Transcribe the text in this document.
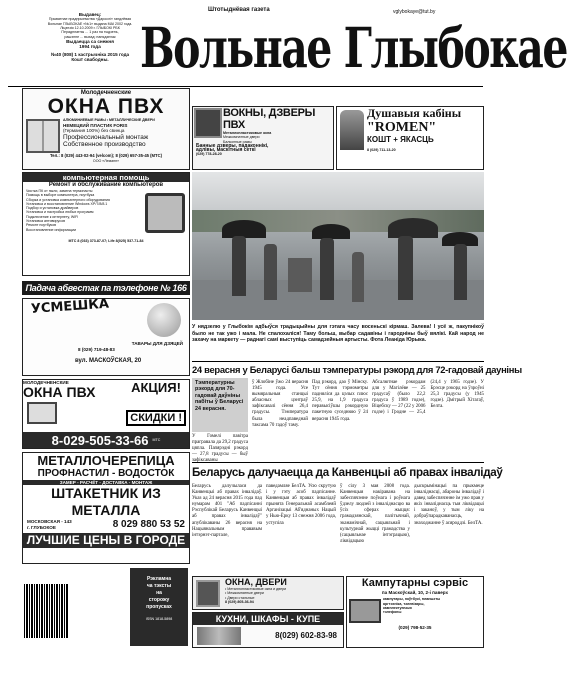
Выдавец:
Прыватнае прадпрыемства «Дарослі» гандлёвая
Вольнае ГЛЫБОКАЕ «№1» выдана МАІ 2002 года.
Ліцэнзія 12.10.2009 г. ГЛЫБОКІ РБК
Перадплатны ... 1 раз на тыдзень,
рашэнне ... выхад: панядзелак
Выдаецца са снежня
1994 года
№40 (808) 1 кастрычніка 2015 года
Кошт свабодны.
Штотыднёвая газета	vglybokaye@tut.by
Вольнае Глыбокае
Молодечненские
ОКНА ПВХ
АЛЮМИНИЕВЫЕ РАМЫ • МЕТАЛЛИЧЕСКИЕ ДВЕРИ
НЕМЕЦКИЙ ПЛАСТИК FORIS
(Германия 100%) без свинца
Профессиональный монтаж
Собственное производство
Тел.: 8 (029) 443-02-94 (velcom); 8 (029) 657-35-45 (МТС)
ООО «Леманн»
ВОКНЫ, ДЗВЕРЫ ПВХ
Металлопластиковые окна
Межкомнатные двери
Балконные рамы
Банные дзверы, падаконнікі,
адлівы, маскітныя сеткі
(029) 778-28-20
Душавыя кабіны
"ROMEN"
КОШТ + ЯКАСЦЬ
8 (029) 711-13-20
компьютерная помощь
Ремонт и обслуживание компьютеров
Чистка ПК от пыли, замена термопасты
Помощь в выборе компьютера, ноутбука
Сборка и установка компьютерного оборудования
Установка и восстановление Windows XP/7/8/8.1
Подбор и установка драйверов
Установка и настройка любых программ
Подключение к интернету, WiFi
Установка антивирусов
Ремонт ноутбуков
Восстановление информации
МТС 8 (033) 373-87-07; Life 8(025) 537-71-84
Падача абвестак па тэлефоне № 166
УСМЕШКА
ТАВАРЫ ДЛЯ ДЗЯЦЕЙ
8 (029) 719-48-83
вул. МАСКОЎСКАЯ, 20
МОЛОДЕЧНЕНСКИЕ
ОКНА ПВХ	АКЦИЯ!
СКИДКИ !
8-029-505-33-66 МТС
МЕТАЛЛОЧЕРЕПИЦА
ПРОФНАСТИЛ - ВОДОСТОК
ЗАМЕР - РАСЧЁТ - ДОСТАВКА - МОНТАЖ
ШТАКЕТНИК ИЗ МЕТАЛЛА
МОСКОВСКАЯ - 143
г. ГЛУБОКОЕ	8 029 880 53 52
ЛУЧШИЕ ЦЕНЫ В ГОРОДЕ
Рэкламна
ча тэксты
на
сторожу
пропусках
ISSN 1818-5898
У нядзелю у Глыбокім адбыўся традыцыйны для гэтага часу восеньскі кірмаш. Залева! І усё ж, пакупнікоў было не так ужо і мала. Не спалохаліся! Таму больш, выбар садавіны і гародніны быў вялікі. Кай народ не захачу на маркету — раднагі самі выступіць самадзейныя артысты. Фота Леаніда Юрыка.
24 верасня у Беларусі бальш тэмпературы рэкорд для 72-гадовай дауніны
Тэмпературны рэкорд для 70-гадовай даўніны пабіты ў Беларусі 24 верасня.
У Гомелі павітра прагравала да 29,2 градуса цяпла. Папярэдні рэкорд — 27,8 градусы — быў зафіксаваны
ў Жлобіне ўжо 24 верасня 1945 года. Усе вымяральныя станцыі абласных цэнтраў зафіксавалі сёння 26,4 градусы. Тэмпература была неадпаведнай таксама 70 гадоў таму.
Пад рэкорд, дао ў Мінску. Тут сёння тэрмометры падняліся да цэлых плюс 25,9, на 1,9 градуса перавысіўшы рэкордную пакетную суседнюю ў 24 верасня 1945 года.
Абсалютнае рэкордам для у Магілёве — 25 градусаў (было 22,2 градуса ў 1989 годзе), Віцебску — 27 (22 у 2006 годзе) і Гродне — 25,4 (24,4 у 1965 годзе). У Брэсце рэкорд на ўзроўні 25,3 градусы (у 1945 годзе). Дмітрый Хітагаў, Белта.
Беларусь далучаецца да Канвенцыі аб правах інвалідаў
Беларусь далучылася да Канвенцыі аб правах інвалідаў. Указ ад 24 верасня 2015 года пад нумарам 401 "Аб падпісанні Рэспублікай Беларусь Канвенцыі аб правах інвалідаў" апублікаваны 26 верасня на Нацыянальным прававым інтэрнэт-партале,
паведамляе БелТА. Усю скрутую і у гэту асоб падпісанне. Канвенцыя аб правах інвалідаў прынята Генеральнай асамблеяй Арганізацыі Аб'яднаных Нацый у Нью-Ёрку 13 снежня 2006 года, уступіла
ў сілу 3 мая 2008 года. Канвенцыя накіравана на забеспячэнне поўнага і роўнага ўдзелу людзей з інваліднасцю ва ўсіх сферах жыцця: грамадзянскай, палітычнай, эканамічнай, сацыяльнай і культурнай жыцці грамадства у (сацыяльнае інтэграцыю), ліквідацыю
дыскрымінацыі па прыкмеце інваліднасці, абароны інвалідаў і давед забеспячэнне ім ужо прав у якіх інваліднасць тыя ліквідацыі і заканоў, у тым ліку на добраўпарадкаванасць, знаходжанне ў асяроддзі. БелТА.
ОКНА, ДВЕРИ
• Металлопластиковые окна и двери
• Межкомнатные двери
• Двери стальные
8 (029) 805-36-94
КУХНИ, ШКАФЫ - КУПЕ
8(029) 602-83-98
Кампутарны сэрвіс
па Маскоўскай, 10, 2-і паверх
кампутары, ноўтбукі, планшэты
аргтэхніка, тэлевізары,
камплектуючыя
тэлефоны
(029) 798-52-35
